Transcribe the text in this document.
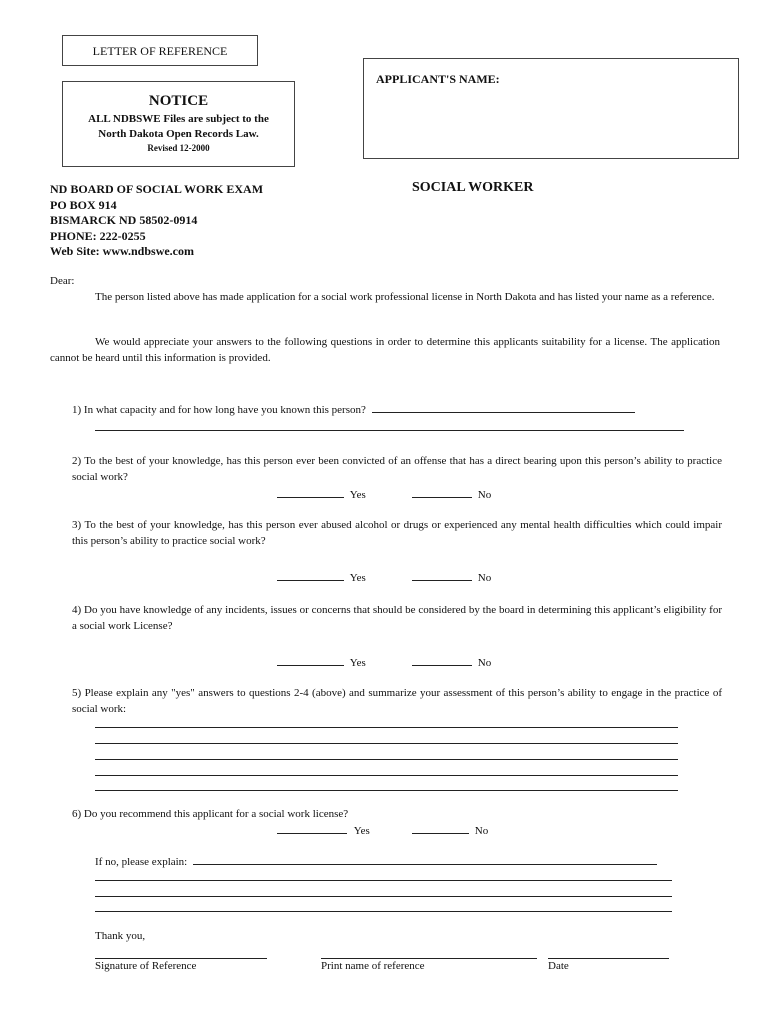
LETTER OF REFERENCE
APPLICANT'S NAME:
NOTICE
ALL NDBSWE Files are subject to the
North Dakota Open Records Law.
Revised 12-2000
ND BOARD OF SOCIAL WORK EXAM
PO BOX 914
BISMARCK ND 58502-0914
PHONE: 222-0255
Web Site: www.ndbswe.com
SOCIAL WORKER
Dear:
The person listed above has made application for a social work professional license in North Dakota and has listed your name as a reference.
We would appreciate your answers to the following questions in order to determine this applicants suitability for a license. The application cannot be heard until this information is provided.
1) In what capacity and for how long have you known this person?
2) To the best of your knowledge, has this person ever been convicted of an offense that has a direct bearing upon this person’s ability to practice social work?
Yes	No
3) To the best of your knowledge, has this person ever abused alcohol or drugs or experienced any mental health difficulties which could impair this person’s ability to practice social work?
Yes	No
4) Do you have knowledge of any incidents, issues or concerns that should be considered by the board in determining this applicant’s eligibility for a social work License?
Yes	No
5) Please explain any "yes" answers to questions 2-4 (above) and summarize your assessment of this person’s ability to engage in the practice of social work:
6) Do you recommend this applicant for a social work license?
Yes	No
If no, please explain:
Thank you,
Signature of Reference	Print name of reference	Date
